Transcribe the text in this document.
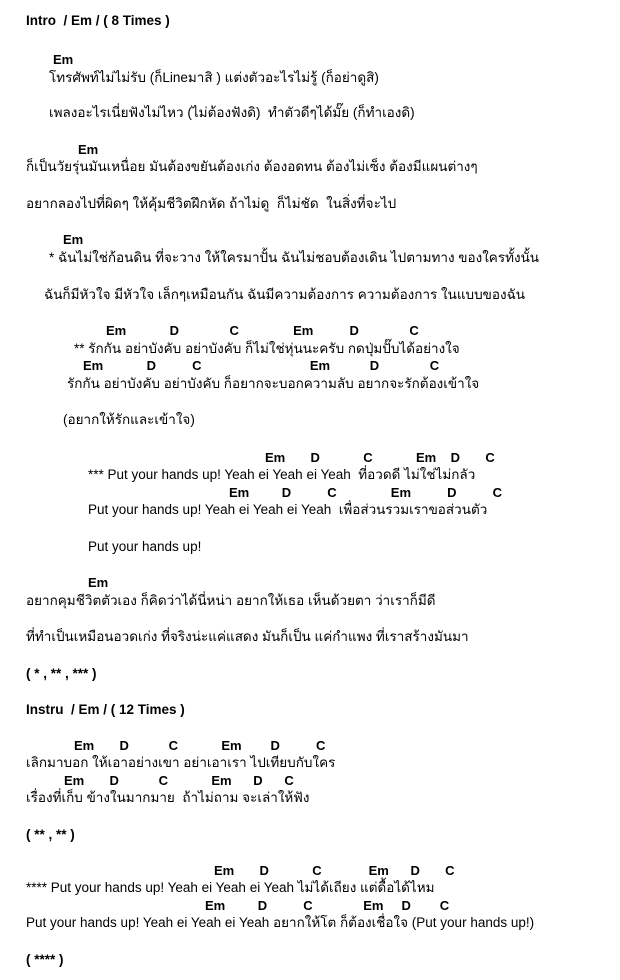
Intro  / Em / ( 8 Times )

Em

โทรศัพท์ไม่ไม่รับ (ก็Lineมาสิ ) แต่งตัวอะไรไม่รู้ (ก็อย่าดูสิ)

เพลงอะไรเนี่ยฟังไม่ไหว (ไม่ต้องฟังดิ)  ทำตัวดีๆได้มั๊ย (ก็ทำเองดิ)

Em

ก็เป็นวัยรุ่นมันเหนื่อย มันต้องขยันต้องเก่ง ต้องอดทน ต้องไม่เซ็ง ต้องมีแผนต่างๆ

อยากลองไปที่ผิดๆ ให้คุ้มชีวิตฝึกหัด ถ้าไม่ดู  ก็ไม่ชัด  ในสิ่งที่จะไป

Em

* ฉันไม่ใช่ก้อนดิน ที่จะวาง ให้ใครมาปั้น ฉันไม่ชอบต้องเดิน ไปตามทาง ของใครทั้งนั้น

ฉันก็มีหัวใจ มีหัวใจ เล็กๆเหมือนกัน ฉันมีความต้องการ ความต้องการ ในแบบของฉัน

Em            D              C               Em          D              C

** รักกัน อย่าบังคับ อย่าบังคับ ก็ไม่ใช่หุ่นนะครับ กดปุ่มปั๊บได้อย่างใจ

Em            D          C                              Em           D              C

รักกัน อย่าบังคับ อย่าบังคับ ก็อยากจะบอกความลับ อยากจะรักต้องเข้าใจ

(อยากให้รักและเข้าใจ)

Em       D            C            Em    D       C

*** Put your hands up! Yeah ei Yeah ei Yeah  ที่อวดดี ไม่ใช่ไม่กลัว

Em         D          C               Em          D          C

Put your hands up! Yeah ei Yeah ei Yeah  เพื่อส่วนรวมเราขอส่วนตัว

Put your hands up!

Em

อยากคุมชีวิตตัวเอง ก็คิดว่าได้นี่หน่า อยากให้เธอ เห็นด้วยตา ว่าเราก็มีดี

ที่ทำเป็นเหมือนอวดเก่ง ที่จริงน่ะแค่แสดง มันก็เป็น แค่กำแพง ที่เราสร้างมันมา

( * , ** , *** )

Instru  / Em / ( 12 Times )

Em       D           C            Em        D          C

เลิกมาบอก ให้เอาอย่างเขา อย่าเอาเรา ไปเทียบกับใคร

Em       D           C            Em      D      C

เรื่องที่เก็บ ข้างในมากมาย  ถ้าไม่ถาม จะเล่าให้ฟัง

( ** , ** )

Em       D            C             Em      D       C

**** Put your hands up! Yeah ei Yeah ei Yeah ไม่ได้เถียง แต่ดื้อได้ไหม

Em         D          C              Em     D        C

Put your hands up! Yeah ei Yeah ei Yeah อยากให้โต ก็ต้องเชื่อใจ (Put your hands up!)

( **** )
